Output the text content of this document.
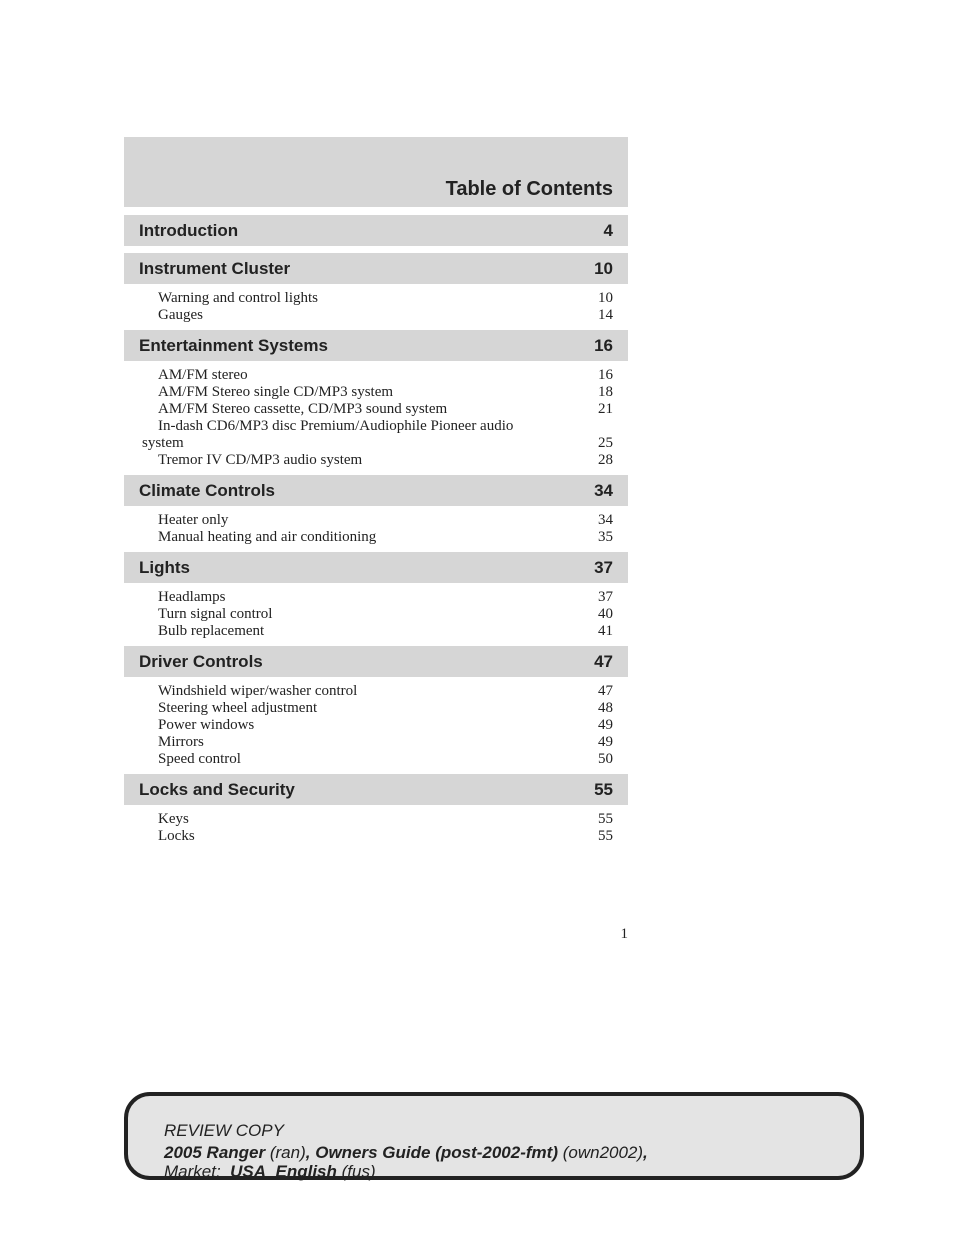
Table of Contents
Introduction	4
Instrument Cluster	10
Warning and control lights	10
Gauges	14
Entertainment Systems	16
AM/FM stereo	16
AM/FM Stereo single CD/MP3 system	18
AM/FM Stereo cassette, CD/MP3 sound system	21
In-dash CD6/MP3 disc Premium/Audiophile Pioneer audio
system	25
Tremor IV CD/MP3 audio system	28
Climate Controls	34
Heater only	34
Manual heating and air conditioning	35
Lights	37
Headlamps	37
Turn signal control	40
Bulb replacement	41
Driver Controls	47
Windshield wiper/washer control	47
Steering wheel adjustment	48
Power windows	49
Mirrors	49
Speed control	50
Locks and Security	55
Keys	55
Locks	55
1
REVIEW COPY
2005 Ranger (ran), Owners Guide (post-2002-fmt) (own2002),
Market: USA_English (fus)
